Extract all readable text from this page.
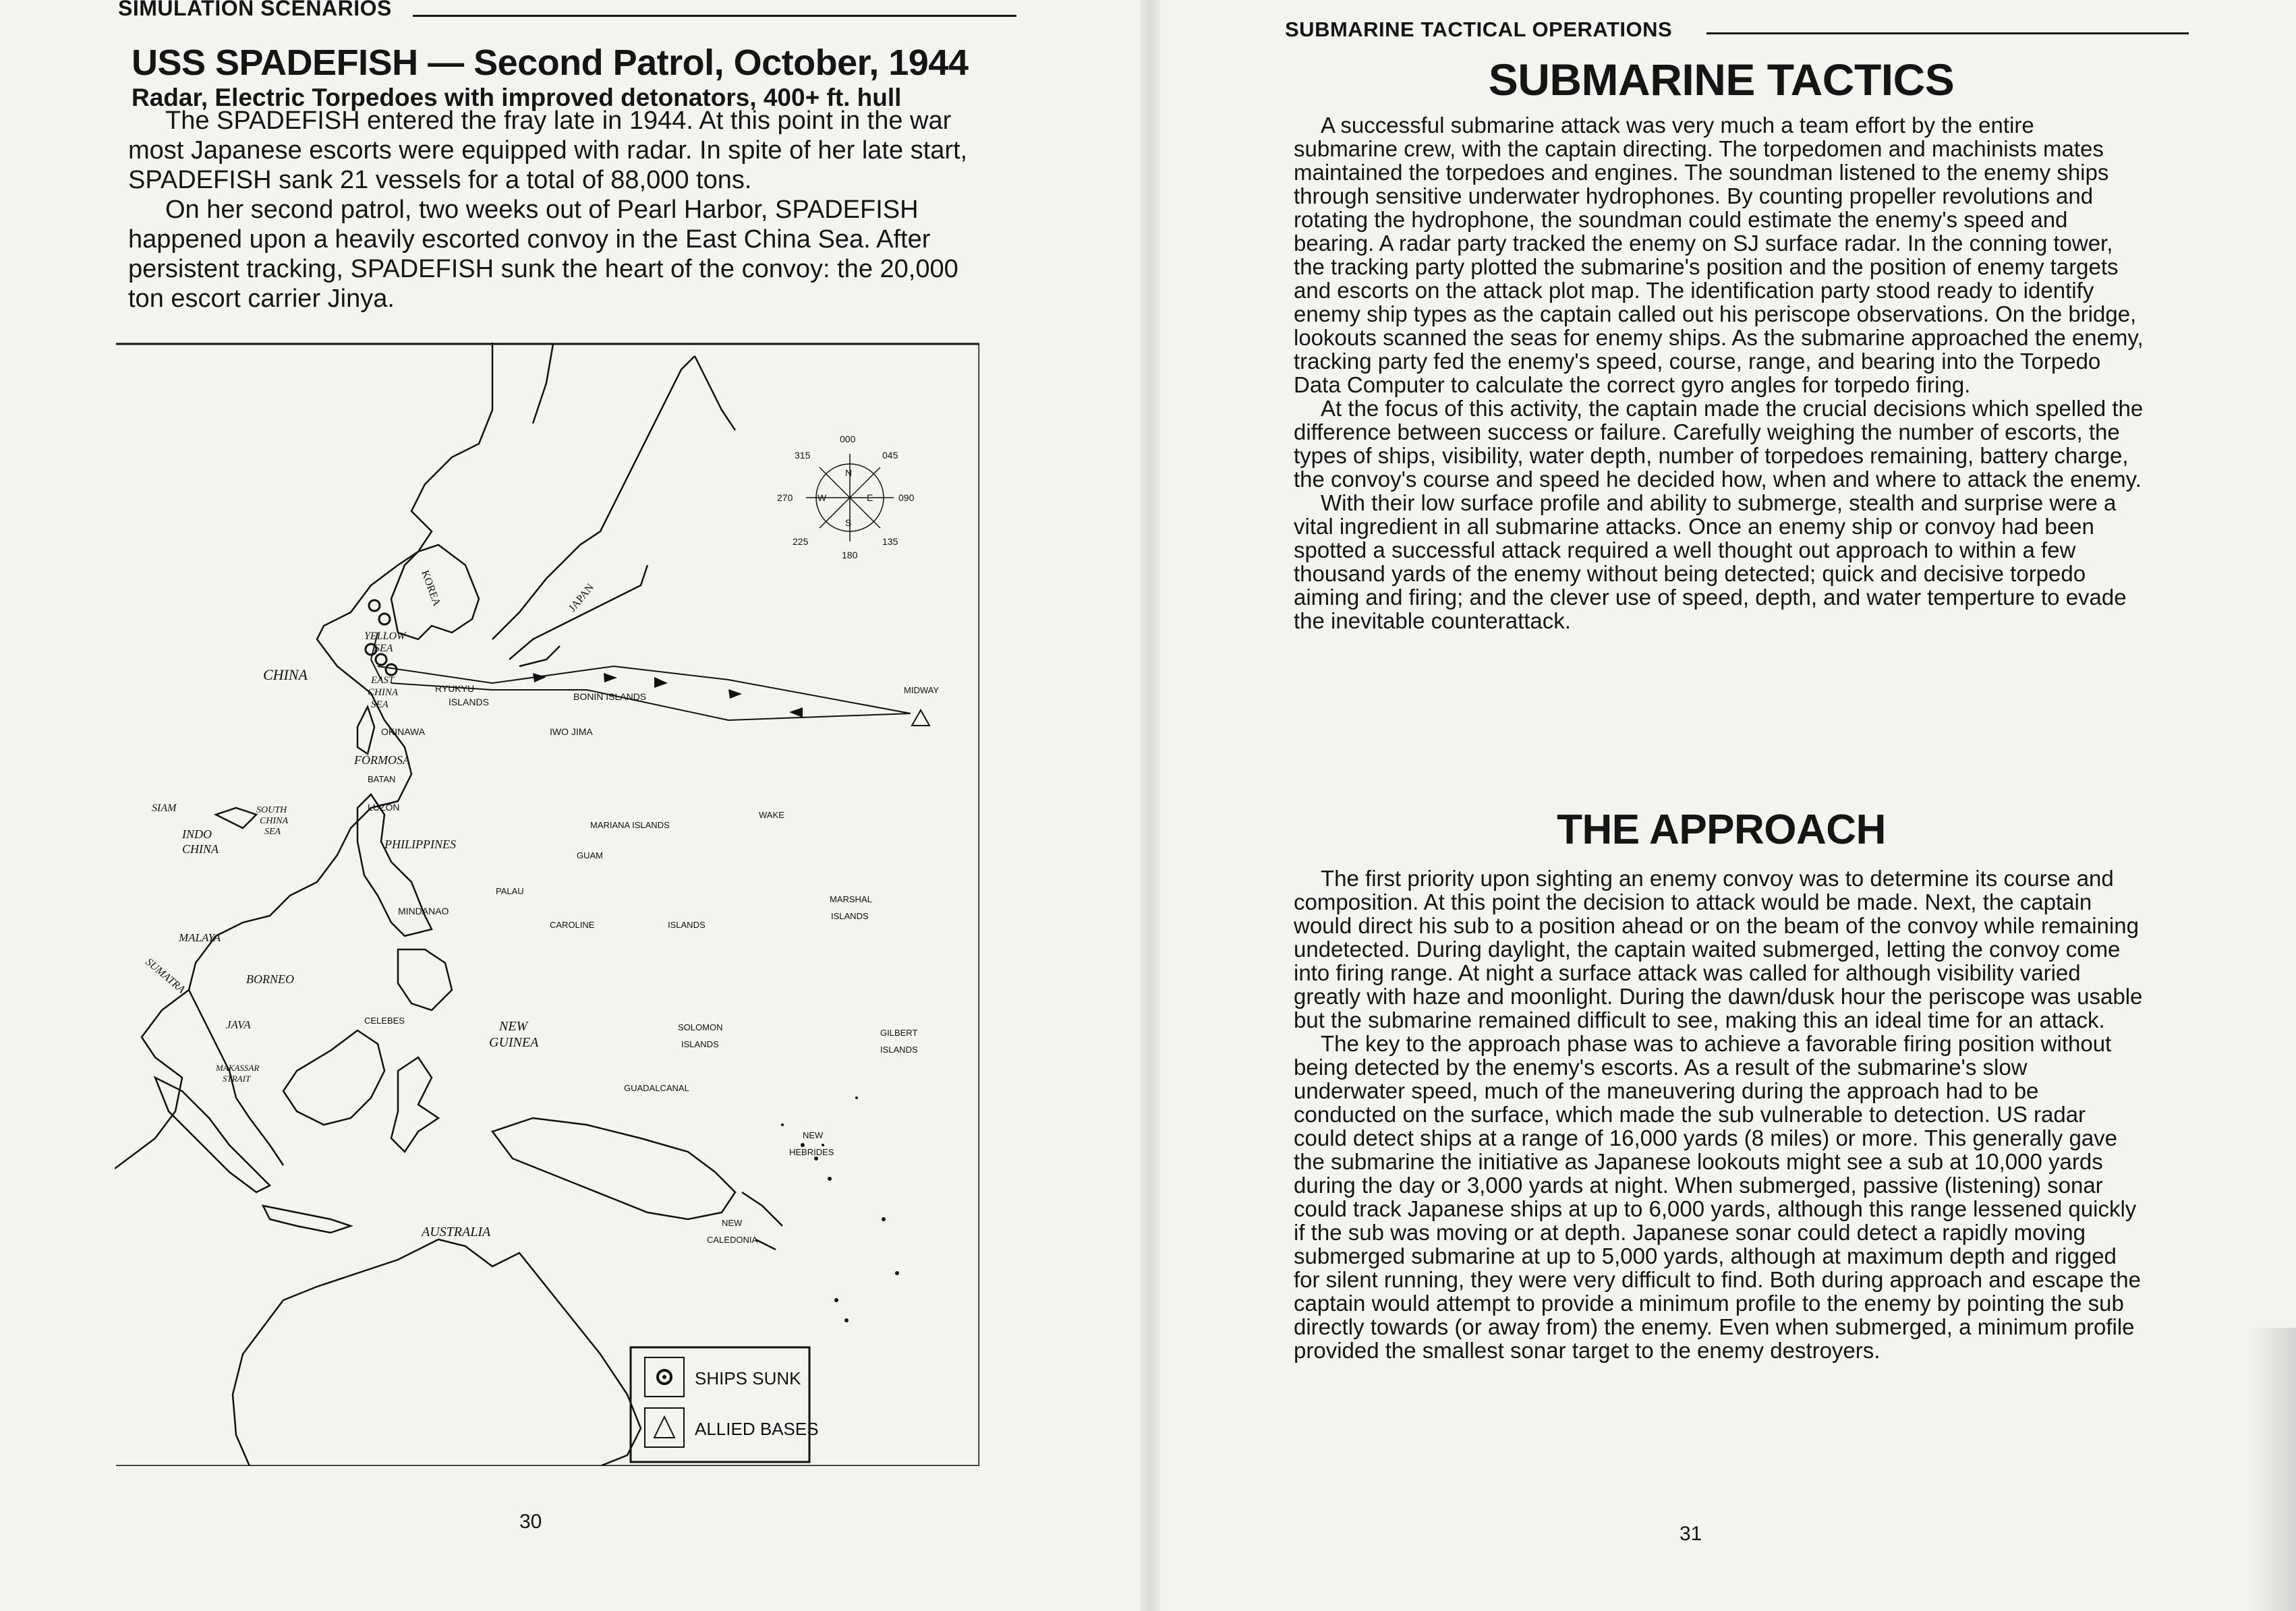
SIMULATION SCENARIOS
USS SPADEFISH — Second Patrol, October, 1944
Radar, Electric Torpedoes with improved detonators, 400+ ft. hull

The SPADEFISH entered the fray late in 1944. At this point in the war most Japanese escorts were equipped with radar. In spite of her late start, SPADEFISH sank 21 vessels for a total of 88,000 tons.

On her second patrol, two weeks out of Pearl Harbor, SPADEFISH happened upon a heavily escorted convoy in the East China Sea. After persistent tracking, SPADEFISH sunk the heart of the convoy: the 20,000 ton escort carrier Jinya.

N
S
E
W
000
045
090
135
180
225
270
315
CHINA
KOREA	JAPAN
YELLOW
SEA
EAST
CHINA
SEA
RYUKYU
ISLANDS	BONIN ISLANDS
OKINAWA	IWO JIMA
FORMOSA
BATAN
SIAM
INDO
CHINA
SOUTH
CHINA
SEA
LUZON
PHILIPPINES
MARIANA ISLANDS
GUAM
WAKE
MIDWAY
PALAU
MINDANAO
CAROLINE	ISLANDS
MARSHAL
ISLANDS
MALAYA
BORNEO
SUMATRA
CELEBES
JAVA
MAKASSAR
STRAIT
NEW
GUINEA
SOLOMON
ISLANDS
GILBERT
ISLANDS
GUADALCANAL
NEW
HEBRIDES
NEW
CALEDONIA
AUSTRALIA
SHIPS SUNK
ALLIED BASES
30
SUBMARINE TACTICAL OPERATIONS
SUBMARINE TACTICS

A successful submarine attack was very much a team effort by the entire submarine crew, with the captain directing. The torpedomen and machinists mates maintained the torpedoes and engines. The soundman listened to the enemy ships through sensitive underwater hydrophones. By counting propeller revolutions and rotating the hydrophone, the soundman could estimate the enemy's speed and bearing. A radar party tracked the enemy on SJ surface radar. In the conning tower, the tracking party plotted the submarine's position and the position of enemy targets and escorts on the attack plot map. The identification party stood ready to identify enemy ship types as the captain called out his periscope observations. On the bridge, lookouts scanned the seas for enemy ships. As the submarine approached the enemy, tracking party fed the enemy's speed, course, range, and bearing into the Torpedo Data Computer to calculate the correct gyro angles for torpedo firing.

At the focus of this activity, the captain made the crucial decisions which spelled the difference between success or failure. Carefully weighing the number of escorts, the types of ships, visibility, water depth, number of torpedoes remaining, battery charge, the convoy's course and speed he decided how, when and where to attack the enemy.

With their low surface profile and ability to submerge, stealth and surprise were a vital ingredient in all submarine attacks. Once an enemy ship or convoy had been spotted a successful attack required a well thought out approach to within a few thousand yards of the enemy without being detected; quick and decisive torpedo aiming and firing; and the clever use of speed, depth, and water temperture to evade the inevitable counterattack.

THE APPROACH

The first priority upon sighting an enemy convoy was to determine its course and composition. At this point the decision to attack would be made. Next, the captain would direct his sub to a position ahead or on the beam of the convoy while remaining undetected. During daylight, the captain waited submerged, letting the convoy come into firing range. At night a surface attack was called for although visibility varied greatly with haze and moonlight. During the dawn/dusk hour the periscope was usable but the submarine remained difficult to see, making this an ideal time for an attack.

The key to the approach phase was to achieve a favorable firing position without being detected by the enemy's escorts. As a result of the submarine's slow underwater speed, much of the maneuvering during the approach had to be conducted on the surface, which made the sub vulnerable to detection. US radar could detect ships at a range of 16,000 yards (8 miles) or more. This generally gave the submarine the initiative as Japanese lookouts might see a sub at 10,000 yards during the day or 3,000 yards at night. When submerged, passive (listening) sonar could track Japanese ships at up to 6,000 yards, although this range lessened quickly if the sub was moving or at depth. Japanese sonar could detect a rapidly moving submerged submarine at up to 5,000 yards, although at maximum depth and rigged for silent running, they were very difficult to find. Both during approach and escape the captain would attempt to provide a minimum profile to the enemy by pointing the sub directly towards (or away from) the enemy. Even when submerged, a minimum profile provided the smallest sonar target to the enemy destroyers.

31
